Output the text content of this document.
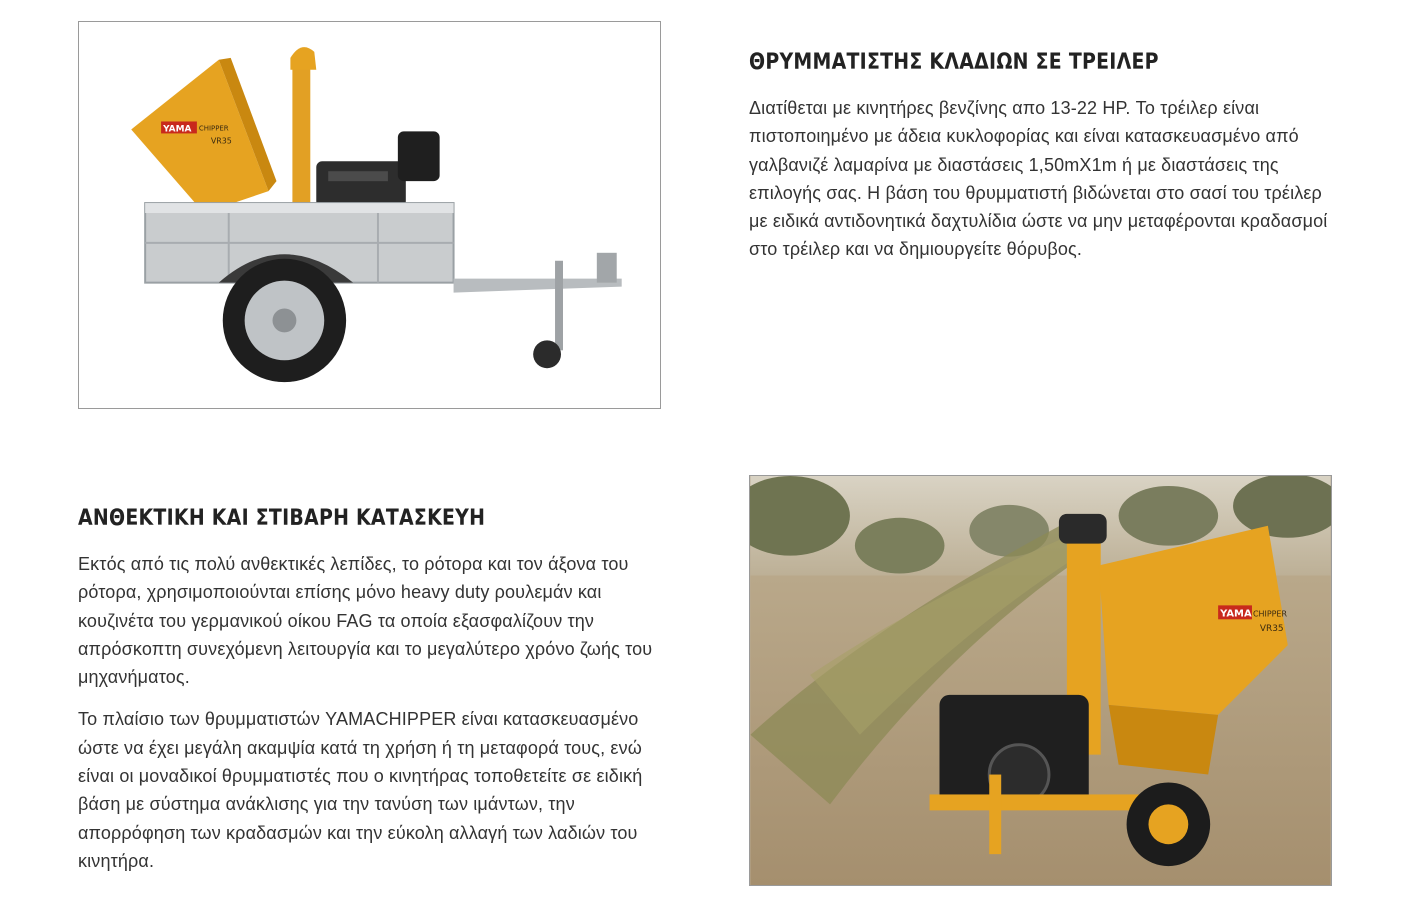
YAMA CHIPPER
VR35
ΘΡΥΜΜΑΤΙΣΤΗΣ ΚΛΑΔΙΩΝ ΣΕ ΤΡΕΙΛΕΡ

Διατίθεται με κινητήρες βενζίνης απο 13-22 HP. Το τρέιλερ είναι πιστοποιημένο με άδεια κυκλοφορίας και είναι κατασκευασμένο από γαλβανιζέ λαμαρίνα με διαστάσεις 1,50mX1m ή με διαστάσεις της επιλογής σας. Η βάση του θρυμματιστή βιδώνεται στο σασί του τρέιλερ με ειδικά αντιδονητικά δαχτυλίδια ώστε να μην μεταφέρονται κραδασμοί στο τρέιλερ και να δημιουργείτε θόρυβος.

ΑΝΘΕΚΤΙΚΗ ΚΑΙ ΣΤΙΒΑΡΗ ΚΑΤΑΣΚΕΥΗ

Εκτός από τις πολύ ανθεκτικές λεπίδες, το ρότορα και τον άξονα του ρότορα, χρησιμοποιούνται επίσης μόνο heavy duty ρουλεμάν και κουζινέτα του γερμανικού οίκου FAG τα οποία εξασφαλίζουν την απρόσκοπτη συνεχόμενη λειτουργία και το μεγαλύτερο χρόνο ζωής του μηχανήματος.

Το πλαίσιο των θρυμματιστών YAMACHIPPER είναι κατασκευασμένο ώστε να έχει μεγάλη ακαμψία κατά τη χρήση ή τη μεταφορά τους, ενώ είναι οι μοναδικοί θρυμματιστές που ο κινητήρας τοποθετείτε σε ειδική βάση με σύστημα ανάκλισης για την τανύση των ιμάντων, την απορρόφηση των κραδασμών και την εύκολη αλλαγή των λαδιών του κινητήρα.

YAMA CHIPPER
VR35
